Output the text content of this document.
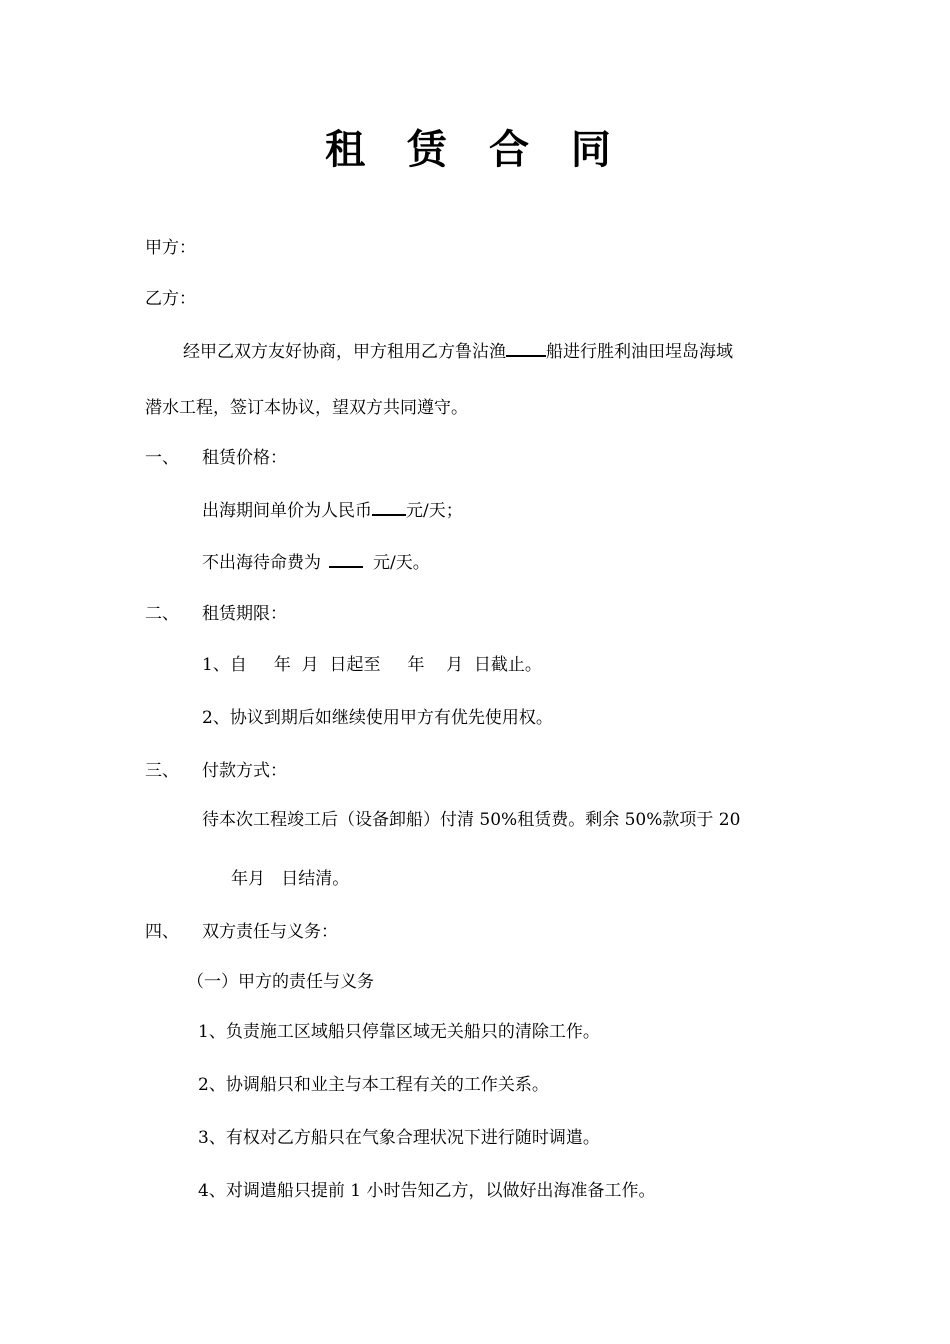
租 赁 合 同
甲方：
乙方：
经甲乙双方友好协商，甲方租用乙方鲁沾渔 船进行胜利油田埕岛海域
潜水工程，签订本协议，望双方共同遵守。
一、 租赁价格：
出海期间单价为人民币 元/天；
不出海待命费为	元/天。
二、 租赁期限：
1、自     年  月  日起至     年    月  日截止。
2、协议到期后如继续使用甲方有优先使用权。
三、 付款方式：
待本次工程竣工后（设备卸船）付清 50%租赁费。剩余 50%款项于 20
年月   日结清。
四、 双方责任与义务：
（一）甲方的责任与义务
1、负责施工区域船只停靠区域无关船只的清除工作。
2、协调船只和业主与本工程有关的工作关系。
3、有权对乙方船只在气象合理状况下进行随时调遣。
4、对调遣船只提前 1 小时告知乙方，以做好出海准备工作。
